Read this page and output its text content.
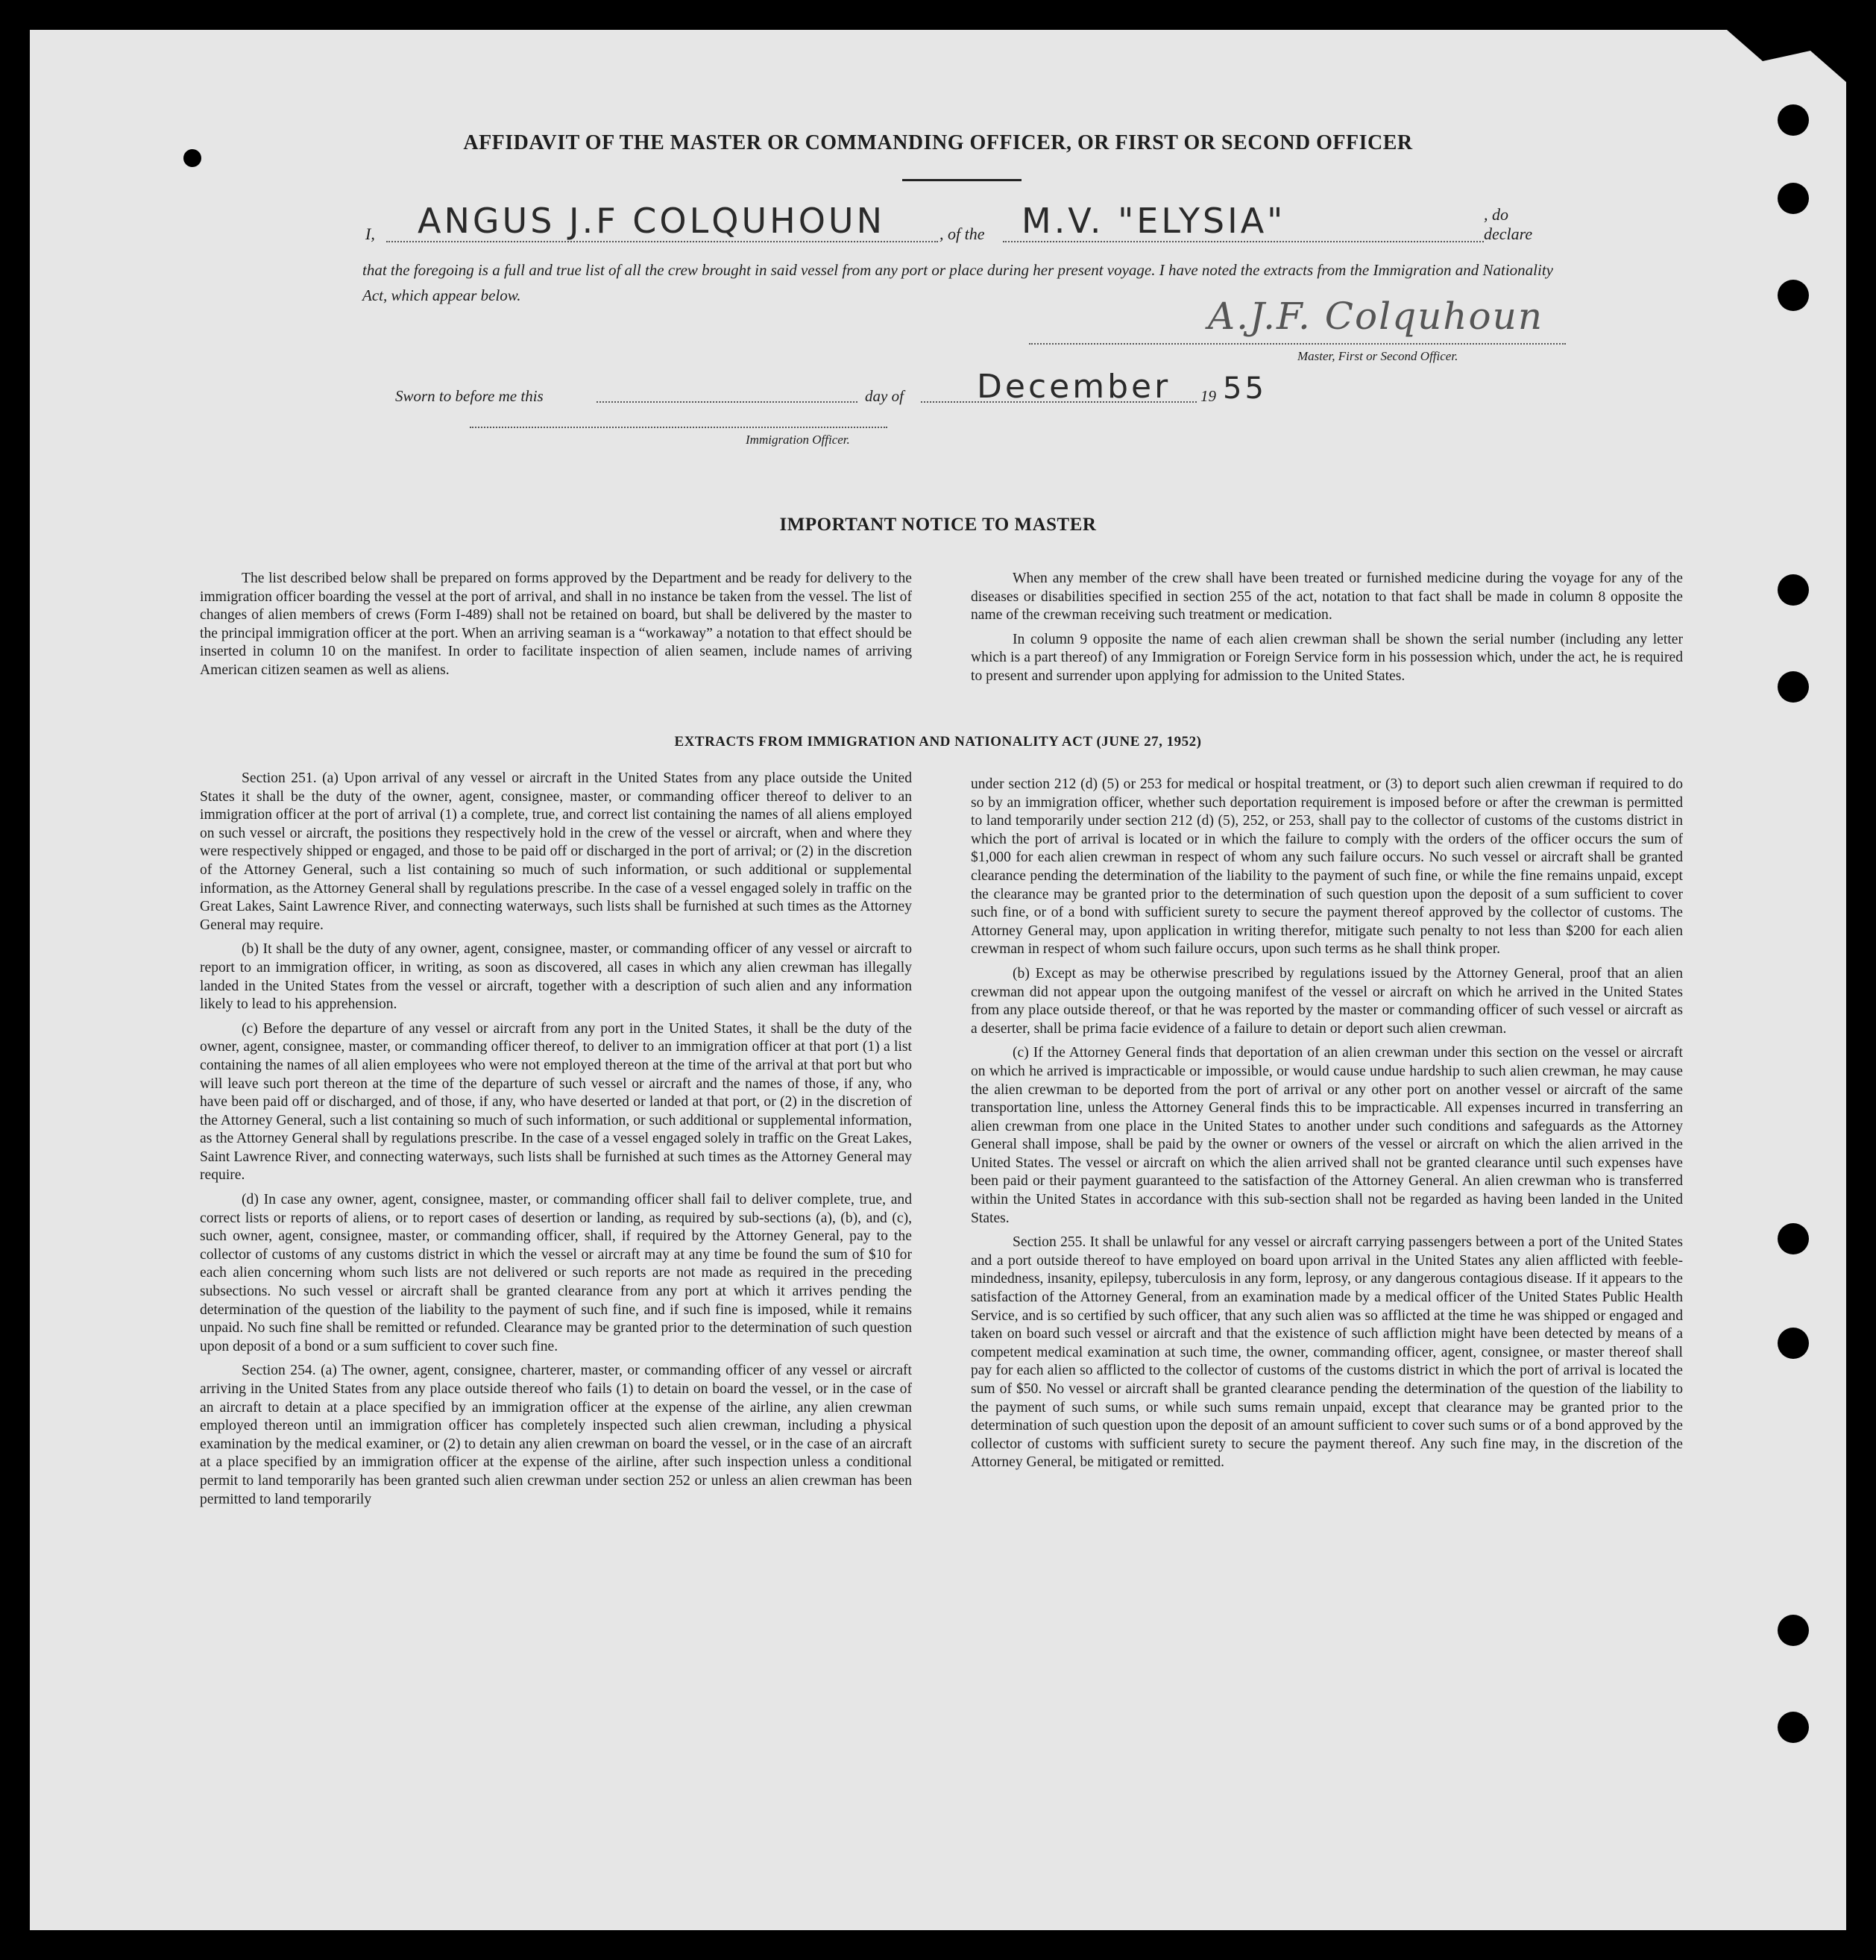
AFFIDAVIT OF THE MASTER OR COMMANDING OFFICER, OR FIRST OR SECOND OFFICER
I, ANGUS J.F COLQUHOUN	, of the M.V. "ELYSIA"	, do declare
that the foregoing is a full and true list of all the crew brought in said vessel from any port or place during her present voyage. I have noted the extracts from the Immigration and Nationality Act, which appear below.	A.J.F. Colquhoun
Master, First or Second Officer.
Sworn to before me this	day of December 19 55
Immigration Officer.
IMPORTANT NOTICE TO MASTER

The list described below shall be prepared on forms approved by the Department and be ready for delivery to the immigration officer boarding the vessel at the port of arrival, and shall in no instance be taken from the vessel. The list of changes of alien members of crews (Form I-489) shall not be retained on board, but shall be delivered by the master to the principal immigration officer at the port. When an arriving seaman is a “workaway” a notation to that effect should be inserted in column 10 on the manifest. In order to facilitate inspection of alien seamen, include names of arriving American citizen seamen as well as aliens.

When any member of the crew shall have been treated or furnished medicine during the voyage for any of the diseases or disabilities specified in section 255 of the act, notation to that fact shall be made in column 8 opposite the name of the crewman receiving such treatment or medication.

In column 9 opposite the name of each alien crewman shall be shown the serial number (including any letter which is a part thereof) of any Immigration or Foreign Service form in his possession which, under the act, he is required to present and surrender upon applying for admission to the United States.

EXTRACTS FROM IMMIGRATION AND NATIONALITY ACT (JUNE 27, 1952)

Section 251. (a) Upon arrival of any vessel or aircraft in the United States from any place outside the United States it shall be the duty of the owner, agent, consignee, master, or commanding officer thereof to deliver to an immigration officer at the port of arrival (1) a complete, true, and correct list containing the names of all aliens employed on such vessel or aircraft, the positions they respectively hold in the crew of the vessel or aircraft, when and where they were respectively shipped or engaged, and those to be paid off or discharged in the port of arrival; or (2) in the discretion of the Attorney General, such a list containing so much of such information, or such additional or supplemental information, as the Attorney General shall by regulations prescribe. In the case of a vessel engaged solely in traffic on the Great Lakes, Saint Lawrence River, and connecting waterways, such lists shall be furnished at such times as the Attorney General may require.

(b) It shall be the duty of any owner, agent, consignee, master, or commanding officer of any vessel or aircraft to report to an immigration officer, in writing, as soon as discovered, all cases in which any alien crewman has illegally landed in the United States from the vessel or aircraft, together with a description of such alien and any information likely to lead to his apprehension.

(c) Before the departure of any vessel or aircraft from any port in the United States, it shall be the duty of the owner, agent, consignee, master, or commanding officer thereof, to deliver to an immigration officer at that port (1) a list containing the names of all alien employees who were not employed thereon at the time of the arrival at that port but who will leave such port thereon at the time of the departure of such vessel or aircraft and the names of those, if any, who have been paid off or discharged, and of those, if any, who have deserted or landed at that port, or (2) in the discretion of the Attorney General, such a list containing so much of such information, or such additional or supplemental information, as the Attorney General shall by regulations prescribe. In the case of a vessel engaged solely in traffic on the Great Lakes, Saint Lawrence River, and connecting waterways, such lists shall be furnished at such times as the Attorney General may require.

(d) In case any owner, agent, consignee, master, or commanding officer shall fail to deliver complete, true, and correct lists or reports of aliens, or to report cases of desertion or landing, as required by sub-sections (a), (b), and (c), such owner, agent, consignee, master, or commanding officer, shall, if required by the Attorney General, pay to the collector of customs of any customs district in which the vessel or aircraft may at any time be found the sum of $10 for each alien concerning whom such lists are not delivered or such reports are not made as required in the preceding subsections. No such vessel or aircraft shall be granted clearance from any port at which it arrives pending the determination of the question of the liability to the payment of such fine, and if such fine is imposed, while it remains unpaid. No such fine shall be remitted or refunded. Clearance may be granted prior to the determination of such question upon deposit of a bond or a sum sufficient to cover such fine.

Section 254. (a) The owner, agent, consignee, charterer, master, or commanding officer of any vessel or aircraft arriving in the United States from any place outside thereof who fails (1) to detain on board the vessel, or in the case of an aircraft to detain at a place specified by an immigration officer at the expense of the airline, any alien crewman employed thereon until an immigration officer has completely inspected such alien crewman, including a physical examination by the medical examiner, or (2) to detain any alien crewman on board the vessel, or in the case of an aircraft at a place specified by an immigration officer at the expense of the airline, after such inspection unless a conditional permit to land temporarily has been granted such alien crewman under section 252 or unless an alien crewman has been permitted to land temporarily

under section 212 (d) (5) or 253 for medical or hospital treatment, or (3) to deport such alien crewman if required to do so by an immigration officer, whether such deportation requirement is imposed before or after the crewman is permitted to land temporarily under section 212 (d) (5), 252, or 253, shall pay to the collector of customs of the customs district in which the port of arrival is located or in which the failure to comply with the orders of the officer occurs the sum of $1,000 for each alien crewman in respect of whom any such failure occurs. No such vessel or aircraft shall be granted clearance pending the determination of the liability to the payment of such fine, or while the fine remains unpaid, except the clearance may be granted prior to the determination of such question upon the deposit of a sum sufficient to cover such fine, or of a bond with sufficient surety to secure the payment thereof approved by the collector of customs. The Attorney General may, upon application in writing therefor, mitigate such penalty to not less than $200 for each alien crewman in respect of whom such failure occurs, upon such terms as he shall think proper.

(b) Except as may be otherwise prescribed by regulations issued by the Attorney General, proof that an alien crewman did not appear upon the outgoing manifest of the vessel or aircraft on which he arrived in the United States from any place outside thereof, or that he was reported by the master or commanding officer of such vessel or aircraft as a deserter, shall be prima facie evidence of a failure to detain or deport such alien crewman.

(c) If the Attorney General finds that deportation of an alien crewman under this section on the vessel or aircraft on which he arrived is impracticable or impossible, or would cause undue hardship to such alien crewman, he may cause the alien crewman to be deported from the port of arrival or any other port on another vessel or aircraft of the same transportation line, unless the Attorney General finds this to be impracticable. All expenses incurred in transferring an alien crewman from one place in the United States to another under such conditions and safeguards as the Attorney General shall impose, shall be paid by the owner or owners of the vessel or aircraft on which the alien arrived in the United States. The vessel or aircraft on which the alien arrived shall not be granted clearance until such expenses have been paid or their payment guaranteed to the satisfaction of the Attorney General. An alien crewman who is transferred within the United States in accordance with this sub-section shall not be regarded as having been landed in the United States.

Section 255. It shall be unlawful for any vessel or aircraft carrying passengers between a port of the United States and a port outside thereof to have employed on board upon arrival in the United States any alien afflicted with feeble-mindedness, insanity, epilepsy, tuberculosis in any form, leprosy, or any dangerous contagious disease. If it appears to the satisfaction of the Attorney General, from an examination made by a medical officer of the United States Public Health Service, and is so certified by such officer, that any such alien was so afflicted at the time he was shipped or engaged and taken on board such vessel or aircraft and that the existence of such affliction might have been detected by means of a competent medical examination at such time, the owner, commanding officer, agent, consignee, or master thereof shall pay for each alien so afflicted to the collector of customs of the customs district in which the port of arrival is located the sum of $50. No vessel or aircraft shall be granted clearance pending the determination of the question of the liability to the payment of such sums, or while such sums remain unpaid, except that clearance may be granted prior to the determination of such question upon the deposit of an amount sufficient to cover such sums or of a bond approved by the collector of customs with sufficient surety to secure the payment thereof. Any such fine may, in the discretion of the Attorney General, be mitigated or remitted.
